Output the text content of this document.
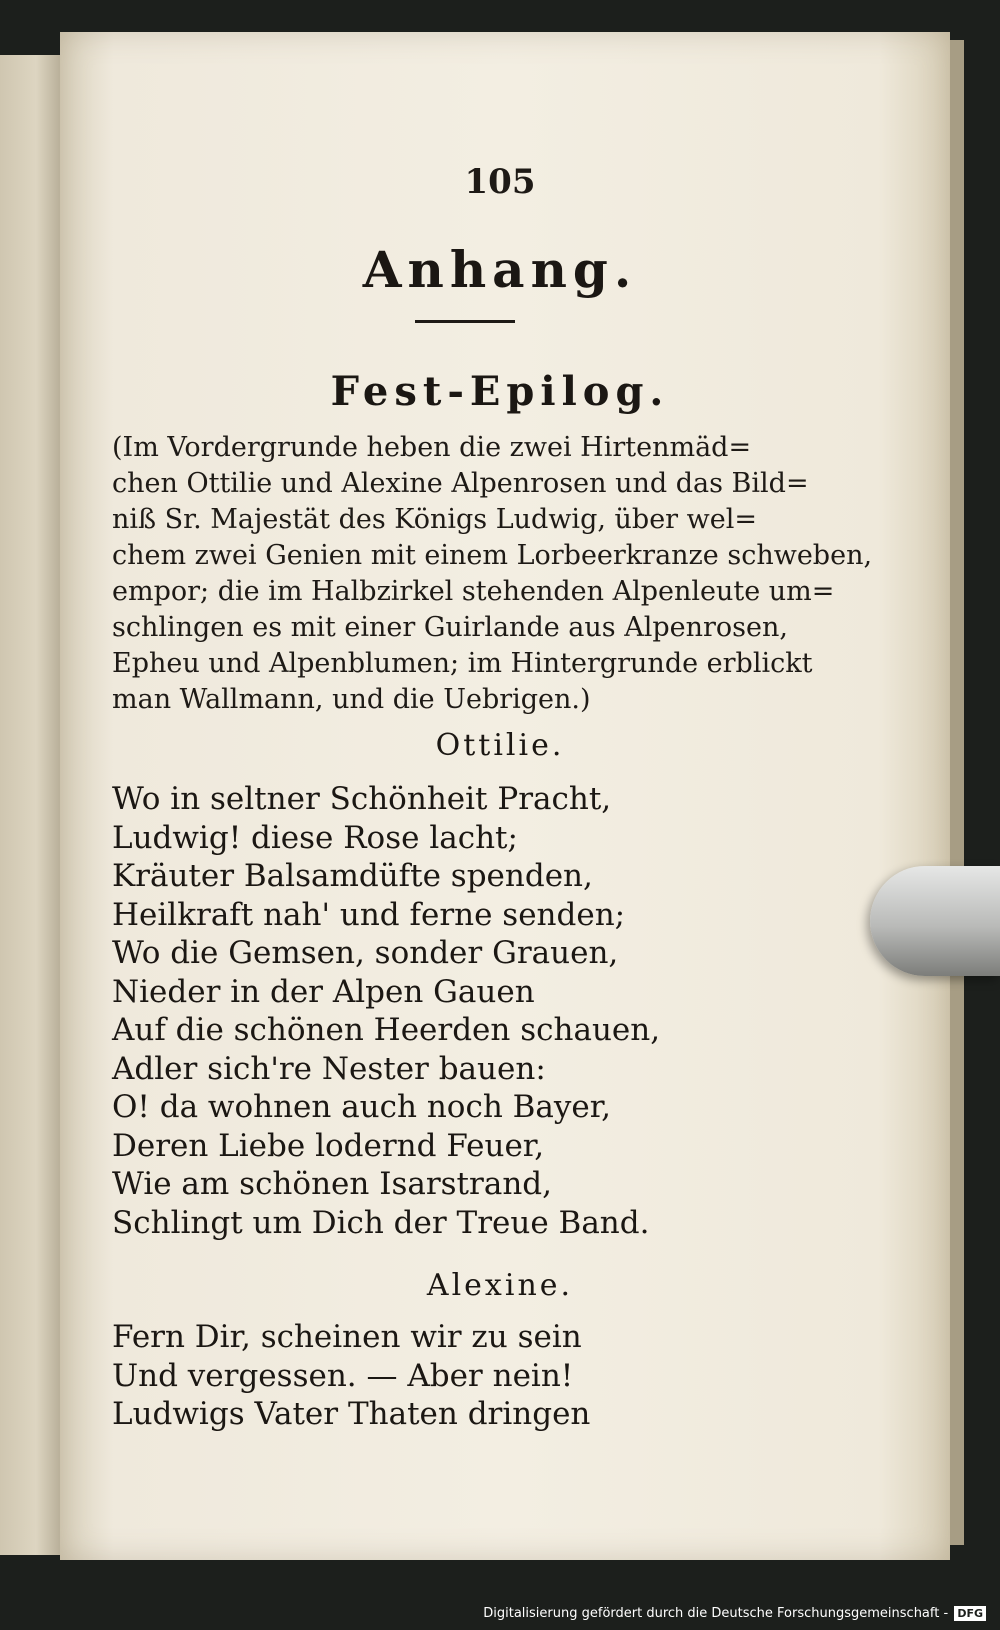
105
Anhang.
Fest-Epilog.
(Im Vordergrunde heben die zwei Hirtenmäd=
chen Ottilie und Alexine Alpenrosen und das Bild=
niß Sr. Majestät des Königs Ludwig, über wel=
chem zwei Genien mit einem Lorbeerkranze schweben,
empor; die im Halbzirkel stehenden Alpenleute um=
schlingen es mit einer Guirlande aus Alpenrosen,
Epheu und Alpenblumen; im Hintergrunde erblickt
man Wallmann, und die Uebrigen.)
Ottilie.
Wo in seltner Schönheit Pracht,
Ludwig! diese Rose lacht;
Kräuter Balsamdüfte spenden,
Heilkraft nah' und ferne senden;
Wo die Gemsen, sonder Grauen,
Nieder in der Alpen Gauen
Auf die schönen Heerden schauen,
Adler sich're Nester bauen:
O! da wohnen auch noch Bayer,
Deren Liebe lodernd Feuer,
Wie am schönen Isarstrand,
Schlingt um Dich der Treue Band.
Alexine.
Fern Dir, scheinen wir zu sein
Und vergessen. — Aber nein!
Ludwigs Vater Thaten dringen
Digitalisierung gefördert durch die Deutsche Forschungsgemeinschaft - DFG
